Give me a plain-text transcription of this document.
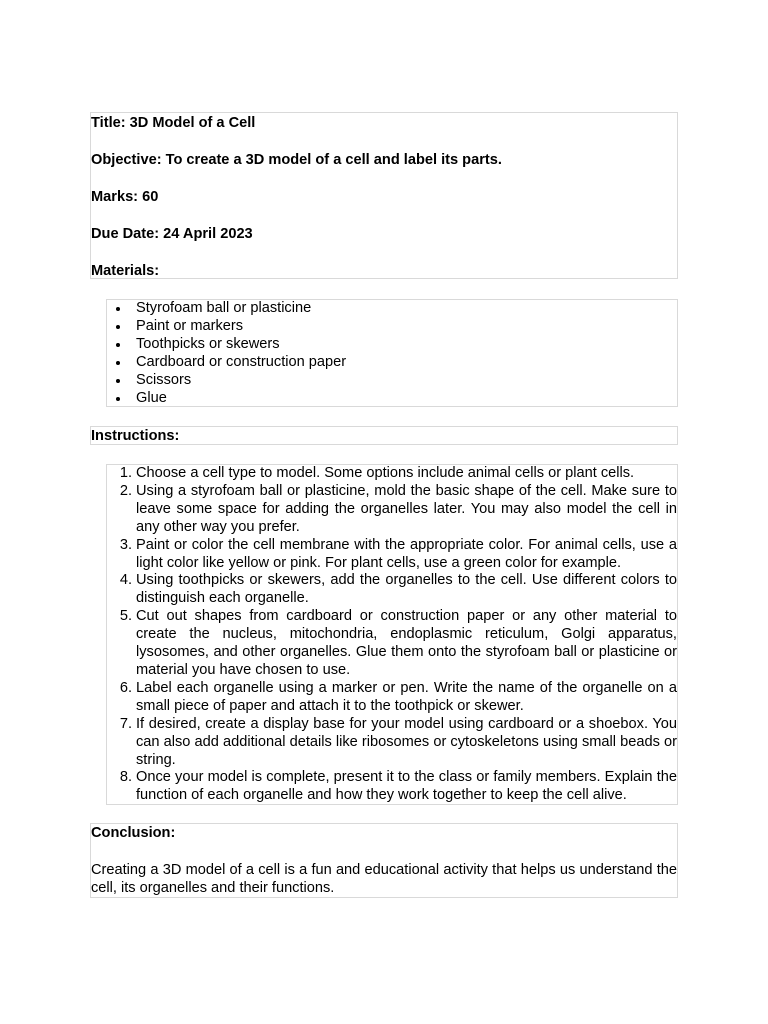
Title: 3D Model of a Cell

Objective: To create a 3D model of a cell and label its parts.

Marks: 60

Due Date: 24 April 2023

Materials:

Styrofoam ball or plasticine
Paint or markers
Toothpicks or skewers
Cardboard or construction paper
Scissors
Glue
Instructions:
1. Choose a cell type to model. Some options include animal cells or plant cells.
2. Using a styrofoam ball or plasticine, mold the basic shape of the cell. Make sure to leave some space for adding the organelles later. You may also model the cell in any other way you prefer.
3. Paint or color the cell membrane with the appropriate color. For animal cells, use a light color like yellow or pink. For plant cells, use a green color for example.
4. Using toothpicks or skewers, add the organelles to the cell. Use different colors to distinguish each organelle.
5. Cut out shapes from cardboard or construction paper or any other material to create the nucleus, mitochondria, endoplasmic reticulum, Golgi apparatus, lysosomes, and other organelles. Glue them onto the styrofoam ball or plasticine or material you have chosen to use.
6. Label each organelle using a marker or pen. Write the name of the organelle on a small piece of paper and attach it to the toothpick or skewer.
7. If desired, create a display base for your model using cardboard or a shoebox. You can also add additional details like ribosomes or cytoskeletons using small beads or string.
8. Once your model is complete, present it to the class or family members. Explain the function of each organelle and how they work together to keep the cell alive.

Conclusion:

Creating a 3D model of a cell is a fun and educational activity that helps us understand the cell, its organelles and their functions.
